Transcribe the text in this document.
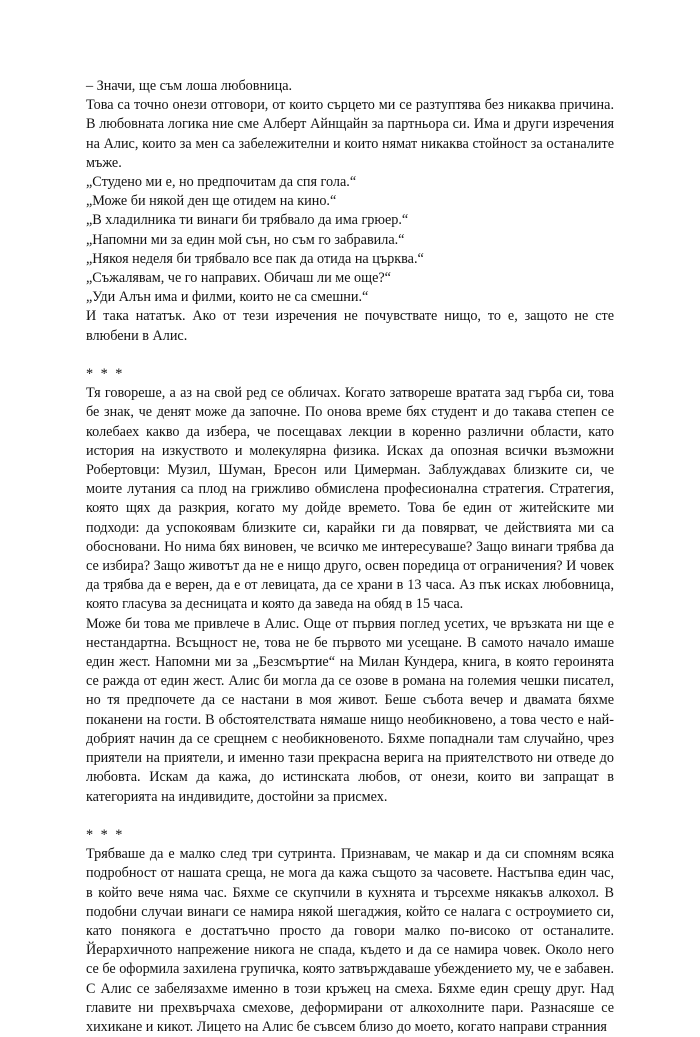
– Значи, ще съм лоша любовница.

Това са точно онези отговори, от които сърцето ми се разтуптява без никаква причина. В любовната логика ние сме Алберт Айнщайн за партньора си. Има и други изречения на Алис, които за мен са забележителни и които нямат никаква стойност за останалите мъже.

„Студено ми е, но предпочитам да спя гола.“

„Може би някой ден ще отидем на кино.“

„В хладилника ти винаги би трябвало да има грюер.“

„Напомни ми за един мой сън, но съм го забравила.“

„Някоя неделя би трябвало все пак да отида на църква.“

„Съжалявам, че го направих. Обичаш ли ме още?“

„Уди Алън има и филми, които не са смешни.“

И така нататък. Ако от тези изречения не почувствате нищо, то е, защото не сте влюбени в Алис.

* * *

Тя говореше, а аз на свой ред се обличах. Когато затвореше вратата зад гърба си, това бе знак, че денят може да започне. По онова време бях студент и до такава степен се колебаех какво да избера, че посещавах лекции в коренно различни области, като история на изкуството и молекулярна физика. Исках да опозная всички възможни Робертовци: Музил, Шуман, Бресон или Цимерман. Заблуждавах близките си, че моите лутания са плод на грижливо обмислена професионална стратегия. Стратегия, която щях да разкрия, когато му дойде времето. Това бе един от житейските ми подходи: да успокоявам близките си, карайки ги да повярват, че действията ми са обосновани. Но нима бях виновен, че всичко ме интересуваше? Защо винаги трябва да се избира? Защо животът да не е нищо друго, освен поредица от ограничения? И човек да трябва да е верен, да е от левицата, да се храни в 13 часа. Аз пък исках любовница, която гласува за десницата и която да заведа на обяд в 15 часа.

Може би това ме привлече в Алис. Още от първия поглед усетих, че връзката ни ще е нестандартна. Всъщност не, това не бе първото ми усещане. В самото начало имаше един жест. Напомни ми за „Безсмъртие“ на Милан Кундера, книга, в която героинята се ражда от един жест. Алис би могла да се озове в романа на големия чешки писател, но тя предпочете да се настани в моя живот. Беше събота вечер и двамата бяхме поканени на гости. В обстоятелствата нямаше нищо необикновено, а това често е най-добрият начин да се срещнем с необикновеното. Бяхме попаднали там случайно, чрез приятели на приятели, и именно тази прекрасна верига на приятелството ни отведе до любовта. Искам да кажа, до истинската любов, от онези, които ви запращат в категорията на индивидите, достойни за присмех.

* * *

Трябваше да е малко след три сутринта. Признавам, че макар и да си спомням всяка подробност от нашата среща, не мога да кажа същото за часовете. Настъпва един час, в който вече няма час. Бяхме се скупчили в кухнята и търсехме някакъв алкохол. В подобни случаи винаги се намира някой шегаджия, който се налага с остроумието си, като понякога е достатъчно просто да говори малко по-високо от останалите. Йерархичното напрежение никога не спада, където и да се намира човек. Около него се бе оформила захилена групичка, която затвърждаваше убеждението му, че е забавен. С Алис се забелязахме именно в този кръжец на смеха. Бяхме един срещу друг. Над главите ни прехвърчаха смехове, деформирани от алкохолните пари. Разнасяше се хихикане и кикот. Лицето на Алис бе съвсем близо до моето, когато направи странния
